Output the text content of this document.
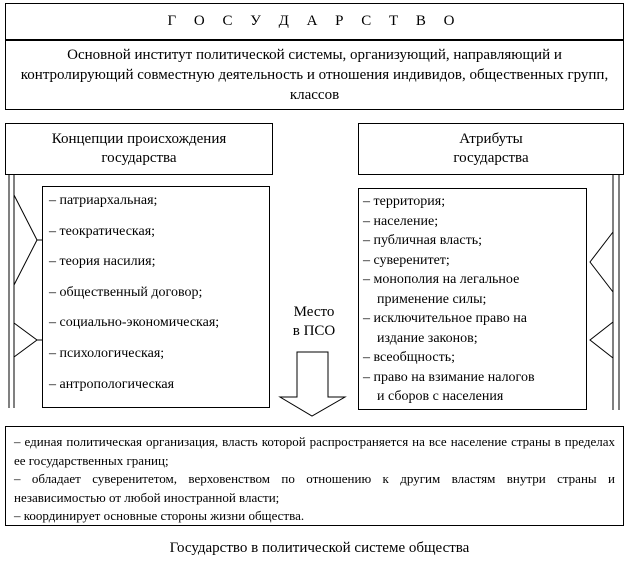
Г О С У Д А Р С Т В О
Основной институт политической системы, организующий, направляющий и контролирующий совместную деятельность и отношения индивидов, общественных групп, классов
Концепции происхождения
государства
Атрибуты
государства
– патриархальная;
– теократическая;
– теория насилия;
– общественный договор;
– социально-экономическая;
– психологическая;
– антропологическая
– территория;
– население;
– публичная власть;
– суверенитет;
– монополия на легальное
применение силы;
– исключительное право на
издание законов;
– всеобщность;
– право на взимание налогов
и сборов с населения
Место
в ПСО
– единая политическая организация, власть которой распространяется на все население страны в пределах ее государственных границ;
– обладает суверенитетом, верховенством по отношению к другим властям внутри страны и независимостью от любой иностранной власти;
– координирует основные стороны жизни общества.
Государство в политической системе общества
